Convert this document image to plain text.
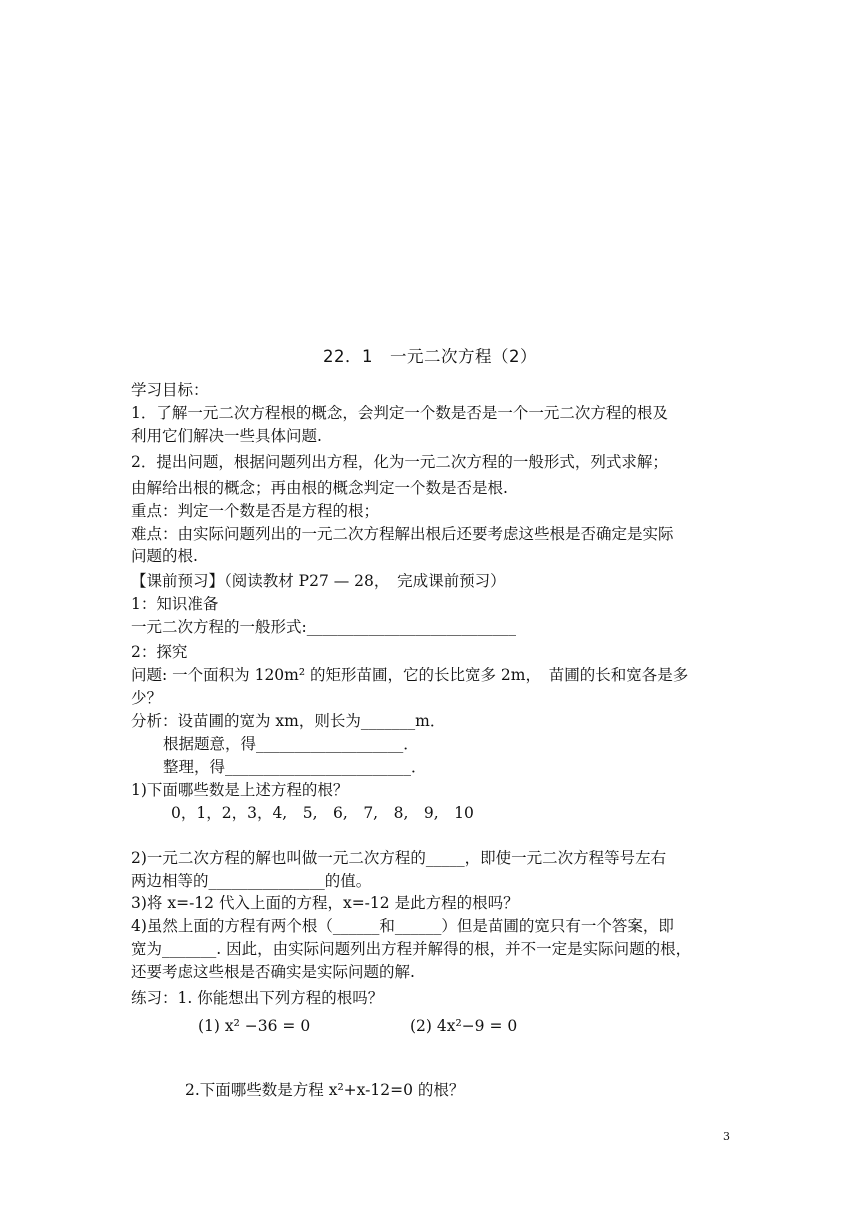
22．1　一元二次方程（2）
学习目标：
1．了解一元二次方程根的概念，会判定一个数是否是一个一元二次方程的根及
利用它们解决一些具体问题.
2．提出问题，根据问题列出方程，化为一元二次方程的一般形式，列式求解；
由解给出根的概念；再由根的概念判定一个数是否是根.
重点：判定一个数是否是方程的根；
难点：由实际问题列出的一元二次方程解出根后还要考虑这些根是否确定是实际
问题的根.
【课前预习】（阅读教材 P27 — 28，　完成课前预习）
1：知识准备
一元二次方程的一般形式:___________________________
2：探究
问题: 一个面积为 120m² 的矩形苗圃，它的长比宽多 2m，　苗圃的长和宽各是多
少？
分析：设苗圃的宽为 xm，则长为_______m．
根据题意，得___________________．
整理，得________________________．
1)下面哪些数是上述方程的根？
0，1，2，3，4,　5,　6,　7,　8,　9,　10
2)一元二次方程的解也叫做一元二次方程的_____，即使一元二次方程等号左右
两边相等的_______________的值。
3)将 x=-12 代入上面的方程，x=-12 是此方程的根吗？
4)虽然上面的方程有两个根（______和______）但是苗圃的宽只有一个答案，即
宽为_______. 因此，由实际问题列出方程并解得的根，并不一定是实际问题的根，
还要考虑这些根是否确实是实际问题的解.
练习：1. 你能想出下列方程的根吗？
(1) x² −36 = 0	(2) 4x²−9 = 0
2.下面哪些数是方程 x²+x-12=0 的根？
3
